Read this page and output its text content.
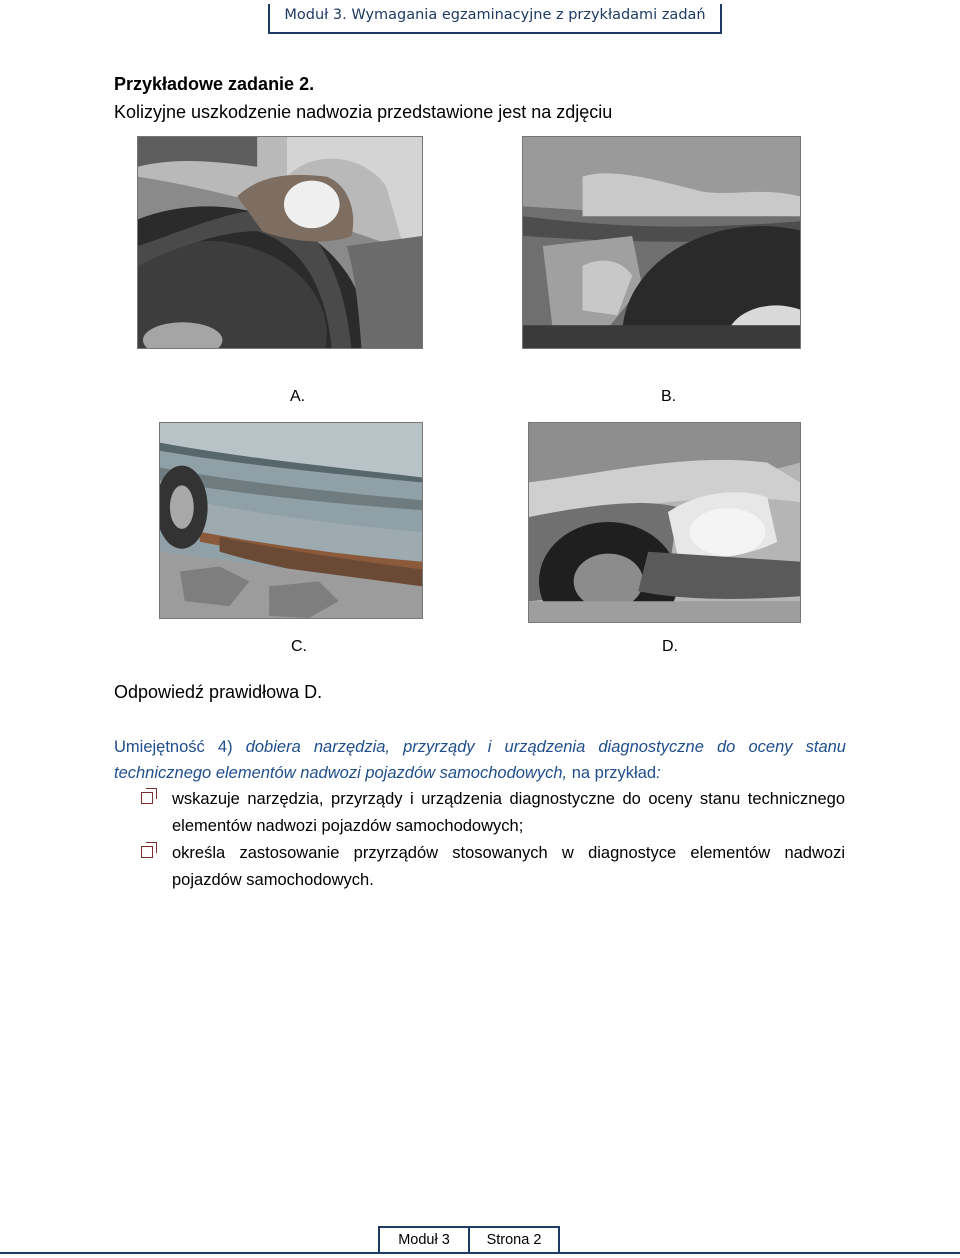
Moduł 3. Wymagania egzaminacyjne z przykładami zadań
Przykładowe zadanie 2.
Kolizyjne uszkodzenie nadwozia przedstawione jest na zdjęciu
A.	B.
C.	D.
Odpowiedź prawidłowa D.
Umiejętność 4) dobiera narzędzia, przyrządy i urządzenia diagnostyczne do oceny stanu technicznego elementów nadwozi pojazdów samochodowych, na przykład:
wskazuje narzędzia, przyrządy i urządzenia diagnostyczne do oceny stanu technicznego elementów nadwozi pojazdów samochodowych;
określa zastosowanie przyrządów stosowanych w diagnostyce elementów nadwozi pojazdów samochodowych.
Moduł 3	Strona 2
